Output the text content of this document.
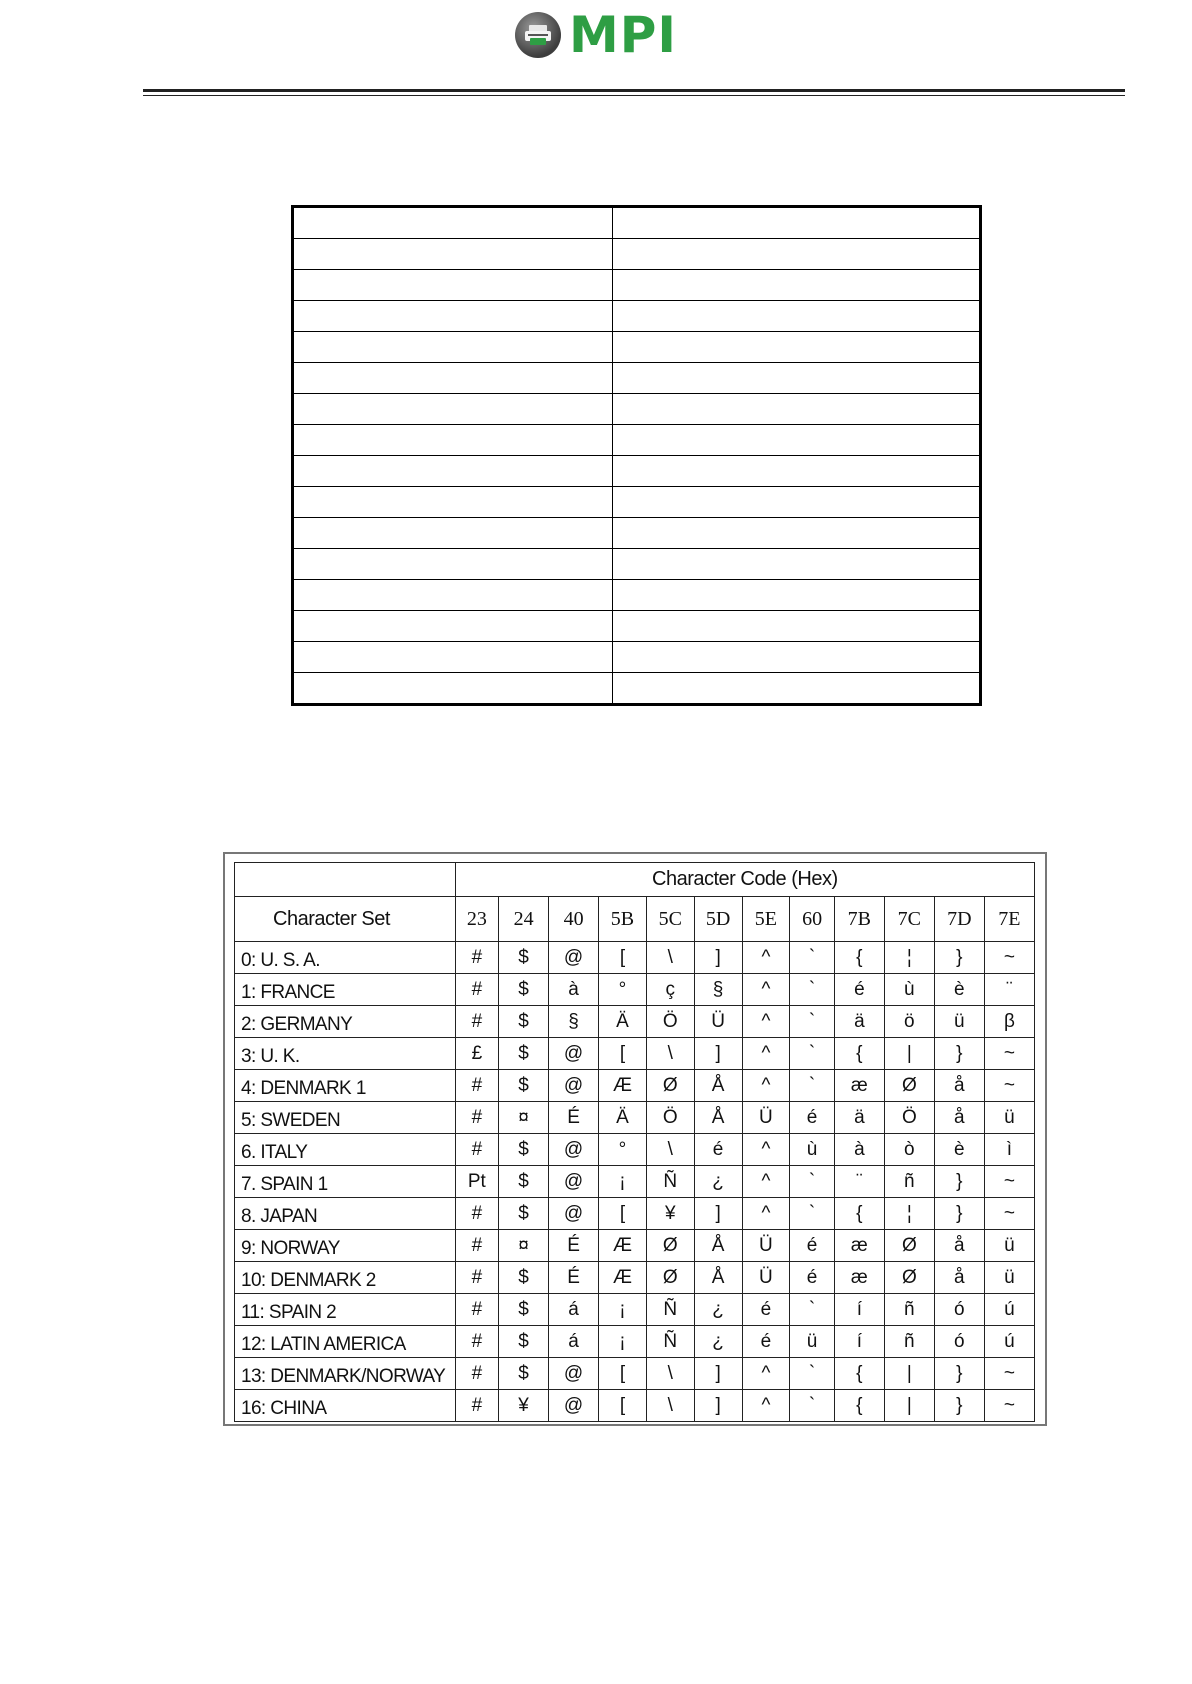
MPI

	Character Code (Hex)											
Character Set	23	24	40	5B	5C	5D	5E	60	7B	7C	7D	7E
0: U. S. A.	#	$	@	[	\	]	^	`	{	¦	}	~
1: FRANCE	#	$	à	°	ç	§	^	`	é	ù	è	¨
2: GERMANY	#	$	§	Ä	Ö	Ü	^	`	ä	ö	ü	β
3: U. K.	£	$	@	[	\	]	^	`	{	|	}	~
4: DENMARK 1	#	$	@	Æ	Ø	Å	^	`	æ	Ø	å	~
5: SWEDEN	#	¤	É	Ä	Ö	Å	Ü	é	ä	Ö	å	ü
6. ITALY	#	$	@	°	\	é	^	ù	à	ò	è	ì
7. SPAIN 1	Pt	$	@	¡	Ñ	¿	^	`	¨	ñ	}	~
8. JAPAN	#	$	@	[	¥	]	^	`	{	¦	}	~
9: NORWAY	#	¤	É	Æ	Ø	Å	Ü	é	æ	Ø	å	ü
10: DENMARK 2	#	$	É	Æ	Ø	Å	Ü	é	æ	Ø	å	ü
11: SPAIN 2	#	$	á	¡	Ñ	¿	é	`	í	ñ	ó	ú
12: LATIN AMERICA	#	$	á	¡	Ñ	¿	é	ü	í	ñ	ó	ú
13: DENMARK/NORWAY	#	$	@	[	\	]	^	`	{	|	}	~
16: CHINA	#	¥	@	[	\	]	^	`	{	|	}	~
